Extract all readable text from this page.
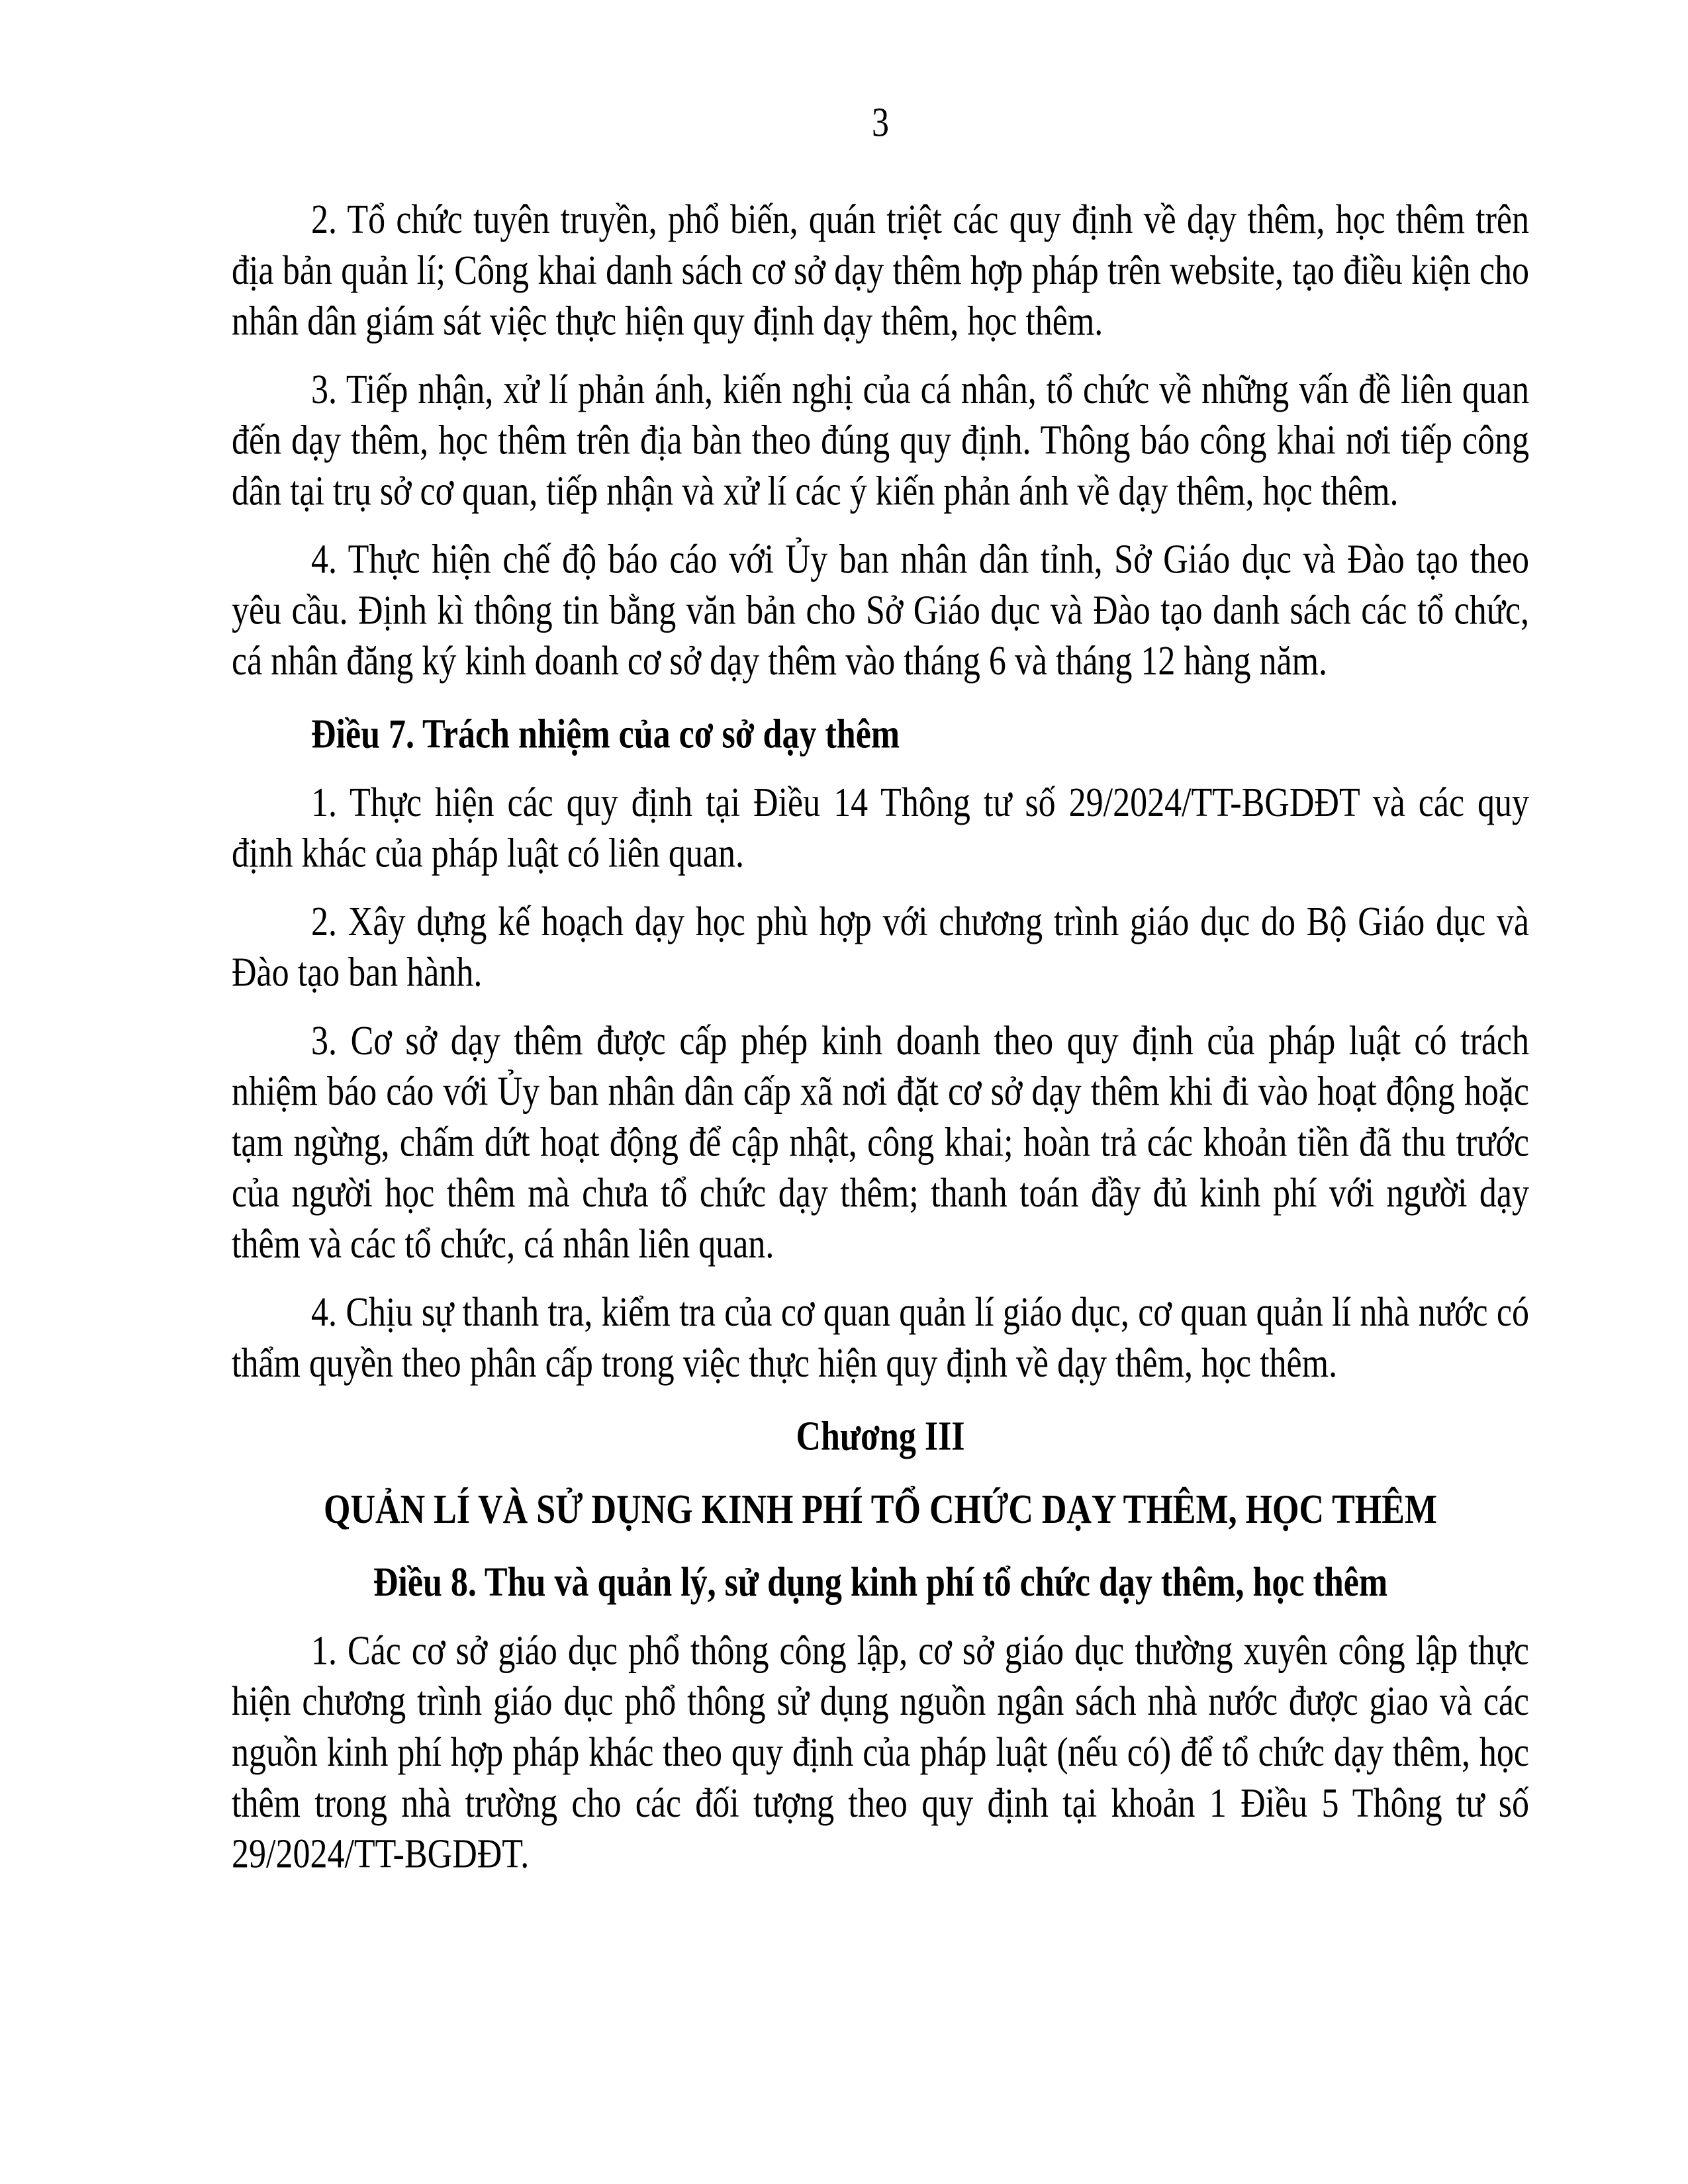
3

2. Tổ chức tuyên truyền, phổ biến, quán triệt các quy định về dạy thêm, học thêm trên địa bản quản lí; Công khai danh sách cơ sở dạy thêm hợp pháp trên website, tạo điều kiện cho nhân dân giám sát việc thực hiện quy định dạy thêm, học thêm.

3. Tiếp nhận, xử lí phản ánh, kiến nghị của cá nhân, tổ chức về những vấn đề liên quan đến dạy thêm, học thêm trên địa bàn theo đúng quy định. Thông báo công khai nơi tiếp công dân tại trụ sở cơ quan, tiếp nhận và xử lí các ý kiến phản ánh về dạy thêm, học thêm.

4. Thực hiện chế độ báo cáo với Ủy ban nhân dân tỉnh, Sở Giáo dục và Đào tạo theo yêu cầu. Định kì thông tin bằng văn bản cho Sở Giáo dục và Đào tạo danh sách các tổ chức, cá nhân đăng ký kinh doanh cơ sở dạy thêm vào tháng 6 và tháng 12 hàng năm.

Điều 7. Trách nhiệm của cơ sở dạy thêm

1. Thực hiện các quy định tại Điều 14 Thông tư số 29/2024/TT-BGDĐT và các quy định khác của pháp luật có liên quan.

2. Xây dựng kế hoạch dạy học phù hợp với chương trình giáo dục do Bộ Giáo dục và Đào tạo ban hành.

3. Cơ sở dạy thêm được cấp phép kinh doanh theo quy định của pháp luật có trách nhiệm báo cáo với Ủy ban nhân dân cấp xã nơi đặt cơ sở dạy thêm khi đi vào hoạt động hoặc tạm ngừng, chấm dứt hoạt động để cập nhật, công khai; hoàn trả các khoản tiền đã thu trước của người học thêm mà chưa tổ chức dạy thêm; thanh toán đầy đủ kinh phí với người dạy thêm và các tổ chức, cá nhân liên quan.

4. Chịu sự thanh tra, kiểm tra của cơ quan quản lí giáo dục, cơ quan quản lí nhà nước có thẩm quyền theo phân cấp trong việc thực hiện quy định về dạy thêm, học thêm.

Chương III

QUẢN LÍ VÀ SỬ DỤNG KINH PHÍ TỔ CHỨC DẠY THÊM, HỌC THÊM

Điều 8. Thu và quản lý, sử dụng kinh phí tổ chức dạy thêm, học thêm

1. Các cơ sở giáo dục phổ thông công lập, cơ sở giáo dục thường xuyên công lập thực hiện chương trình giáo dục phổ thông sử dụng nguồn ngân sách nhà nước được giao và các nguồn kinh phí hợp pháp khác theo quy định của pháp luật (nếu có) để tổ chức dạy thêm, học thêm trong nhà trường cho các đối tượng theo quy định tại khoản 1 Điều 5 Thông tư số 29/2024/TT-BGDĐT.
